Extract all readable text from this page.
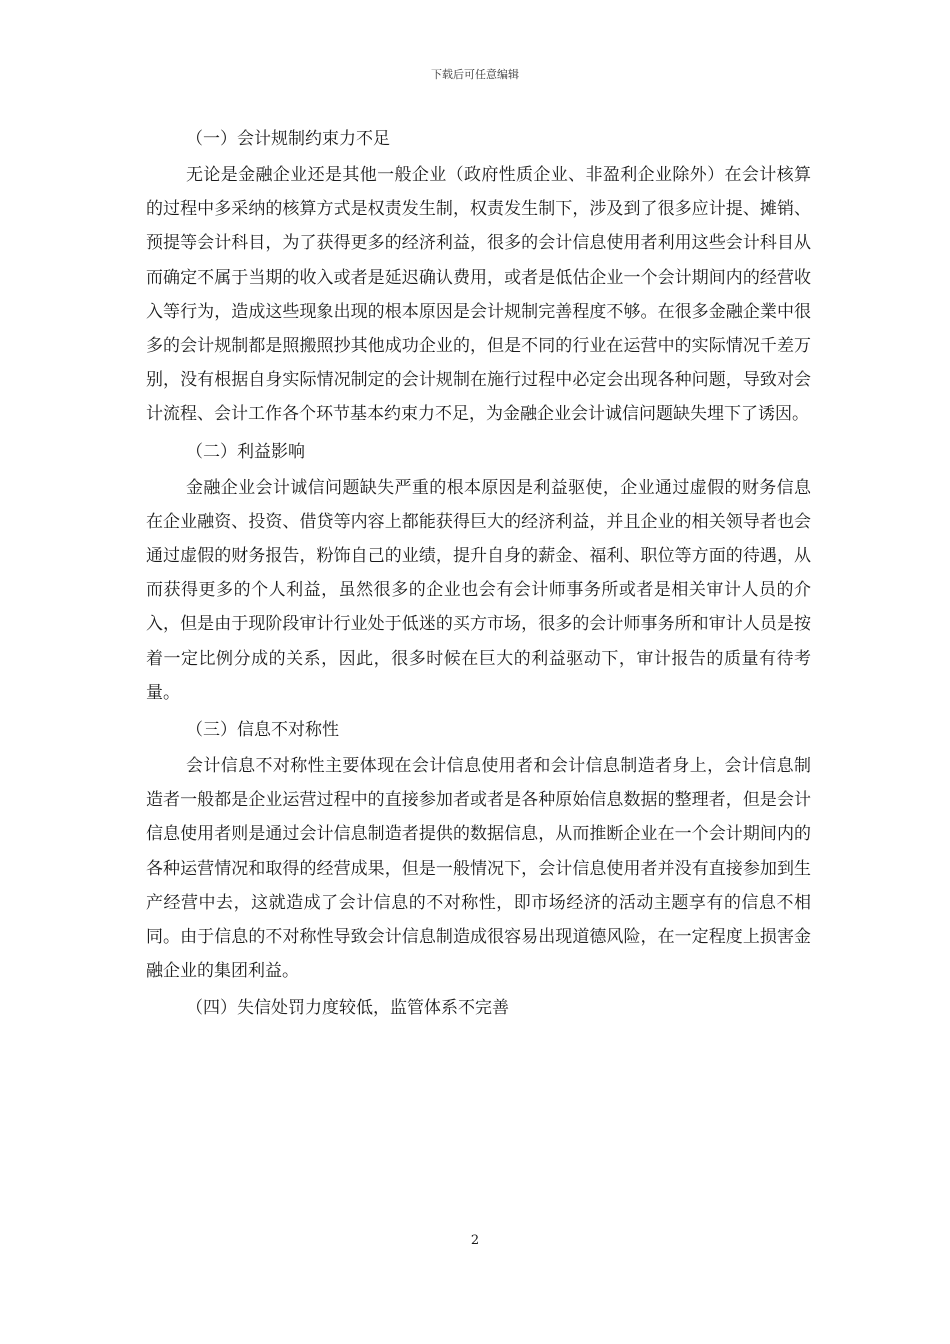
下载后可任意编辑
（一）会计规制约束力不足

无论是金融企业还是其他一般企业（政府性质企业、非盈利企业除外）在会计核算的过程中多采纳的核算方式是权责发生制，权责发生制下，涉及到了很多应计提、摊销、预提等会计科目，为了获得更多的经济利益，很多的会计信息使用者利用这些会计科目从而确定不属于当期的收入或者是延迟确认费用，或者是低估企业一个会计期间内的经营收入等行为，造成这些现象出现的根本原因是会计规制完善程度不够。在很多金融企業中很多的会计规制都是照搬照抄其他成功企业的，但是不同的行业在运营中的实际情况千差万别，没有根据自身实际情况制定的会计规制在施行过程中必定会出现各种问题，导致对会计流程、会计工作各个环节基本约束力不足，为金融企业会计诚信问题缺失埋下了诱因。

（二）利益影响

金融企业会计诚信问题缺失严重的根本原因是利益驱使，企业通过虚假的财务信息在企业融资、投资、借贷等内容上都能获得巨大的经济利益，并且企业的相关领导者也会通过虚假的财务报告，粉饰自己的业绩，提升自身的薪金、福利、职位等方面的待遇，从而获得更多的个人利益，虽然很多的企业也会有会计师事务所或者是相关审计人员的介入，但是由于现阶段审计行业处于低迷的买方市场，很多的会计师事务所和审计人员是按着一定比例分成的关系，因此，很多时候在巨大的利益驱动下，审计报告的质量有待考量。

（三）信息不对称性

会计信息不对称性主要体现在会计信息使用者和会计信息制造者身上，会计信息制造者一般都是企业运营过程中的直接参加者或者是各种原始信息数据的整理者，但是会计信息使用者则是通过会计信息制造者提供的数据信息，从而推断企业在一个会计期间内的各种运营情况和取得的经营成果，但是一般情况下，会计信息使用者并没有直接参加到生产经营中去，这就造成了会计信息的不对称性，即市场经济的活动主题享有的信息不相同。由于信息的不对称性导致会计信息制造成很容易出现道德风险，在一定程度上损害金融企业的集团利益。

（四）失信处罚力度较低，监管体系不完善
2
